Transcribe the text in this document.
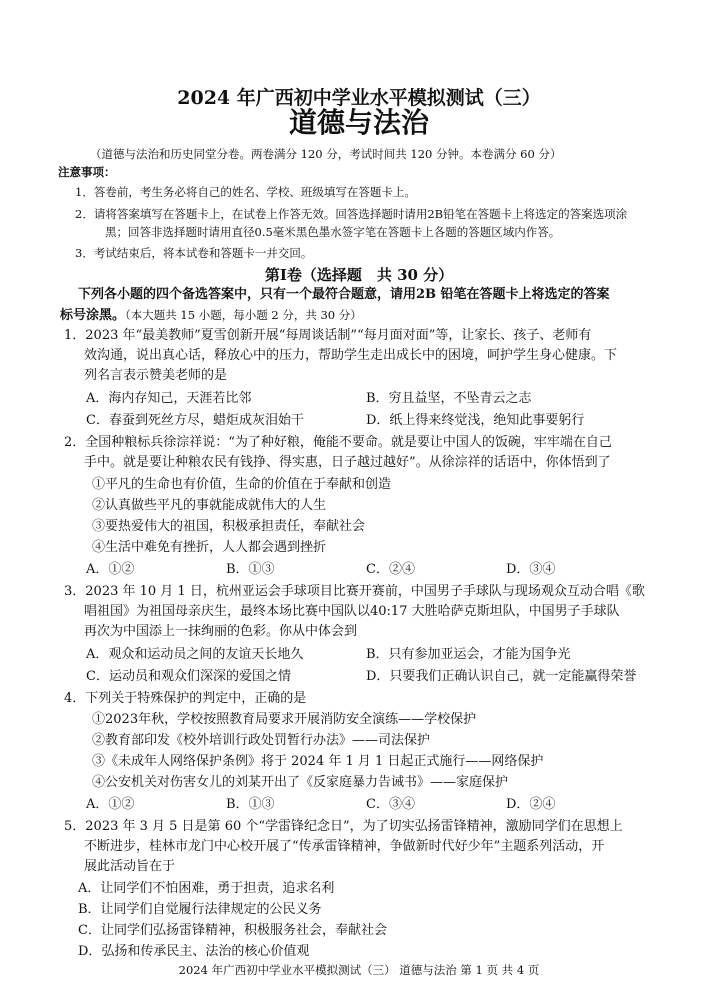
2024 年广西初中学业水平模拟测试（三）
道德与法治
（道德与法治和历史同堂分卷。两卷满分 120 分，考试时间共 120 分钟。本卷满分 60 分）
注意事项：
1．答卷前，考生务必将自己的姓名、学校、班级填写在答题卡上。
2．请将答案填写在答题卡上，在试卷上作答无效。回答选择题时请用2B铅笔在答题卡上将选定的答案选项涂
黑；回答非选择题时请用直径0.5毫米黑色墨水签字笔在答题卡上各题的答题区域内作答。
3．考试结束后，将本试卷和答题卡一并交回。
第Ⅰ卷（选择题　共 30 分）
下列各小题的四个备选答案中，只有一个最符合题意，请用2B 铅笔在答题卡上将选定的答案
标号涂黑。（本大题共 15 小题，每小题 2 分，共 30 分）
1．2023 年“最美教师”夏雪创新开展“每周谈话制”“每月面对面”等，让家长、孩子、老师有
效沟通，说出真心话，释放心中的压力，帮助学生走出成长中的困境，呵护学生身心健康。下
列名言表示赞美老师的是
A．海内存知己，天涯若比邻	B．穷且益坚，不坠青云之志
C．春蚕到死丝方尽，蜡炬成灰泪始干	D．纸上得来终觉浅，绝知此事要躬行
2．全国种粮标兵徐淙祥说：“为了种好粮，俺能不要命。就是要让中国人的饭碗，牢牢端在自己
手中。就是要让种粮农民有钱挣、得实惠，日子越过越好”。从徐淙祥的话语中，你体悟到了
①平凡的生命也有价值，生命的价值在于奉献和创造
②认真做些平凡的事就能成就伟大的人生
③要热爱伟大的祖国，积极承担责任，奉献社会
④生活中难免有挫折，人人都会遇到挫折
A．①②	B．①③	C．②④	D．③④
3．2023 年 10 月 1 日，杭州亚运会手球项目比赛开赛前，中国男子手球队与现场观众互动合唱《歌
唱祖国》为祖国母亲庆生，最终本场比赛中国队以40:17 大胜哈萨克斯坦队，中国男子手球队
再次为中国添上一抹绚丽的色彩。你从中体会到
A．观众和运动员之间的友谊天长地久	B．只有参加亚运会，才能为国争光
C．运动员和观众们深深的爱国之情	D．只要我们正确认识自己，就一定能赢得荣誉
4．下列关于特殊保护的判定中，正确的是
①2023年秋，学校按照教育局要求开展消防安全演练——学校保护
②教育部印发《校外培训行政处罚暂行办法》——司法保护
③《未成年人网络保护条例》将于 2024 年 1 月 1 日起正式施行——网络保护
④公安机关对伤害女儿的刘某开出了《反家庭暴力告诫书》——家庭保护
A．①②	B．①③	C．③④	D．②④
5．2023 年 3 月 5 日是第 60 个“学雷锋纪念日”，为了切实弘扬雷锋精神，激励同学们在思想上
不断进步，桂林市龙门中心校开展了“传承雷锋精神，争做新时代好少年”主题系列活动，开
展此活动旨在于
A．让同学们不怕困难，勇于担责，追求名利
B．让同学们自觉履行法律规定的公民义务
C．让同学们弘扬雷锋精神，积极服务社会，奉献社会
D．弘扬和传承民主、法治的核心价值观
2024 年广西初中学业水平模拟测试（三） 道德与法治 第 1 页 共 4 页
